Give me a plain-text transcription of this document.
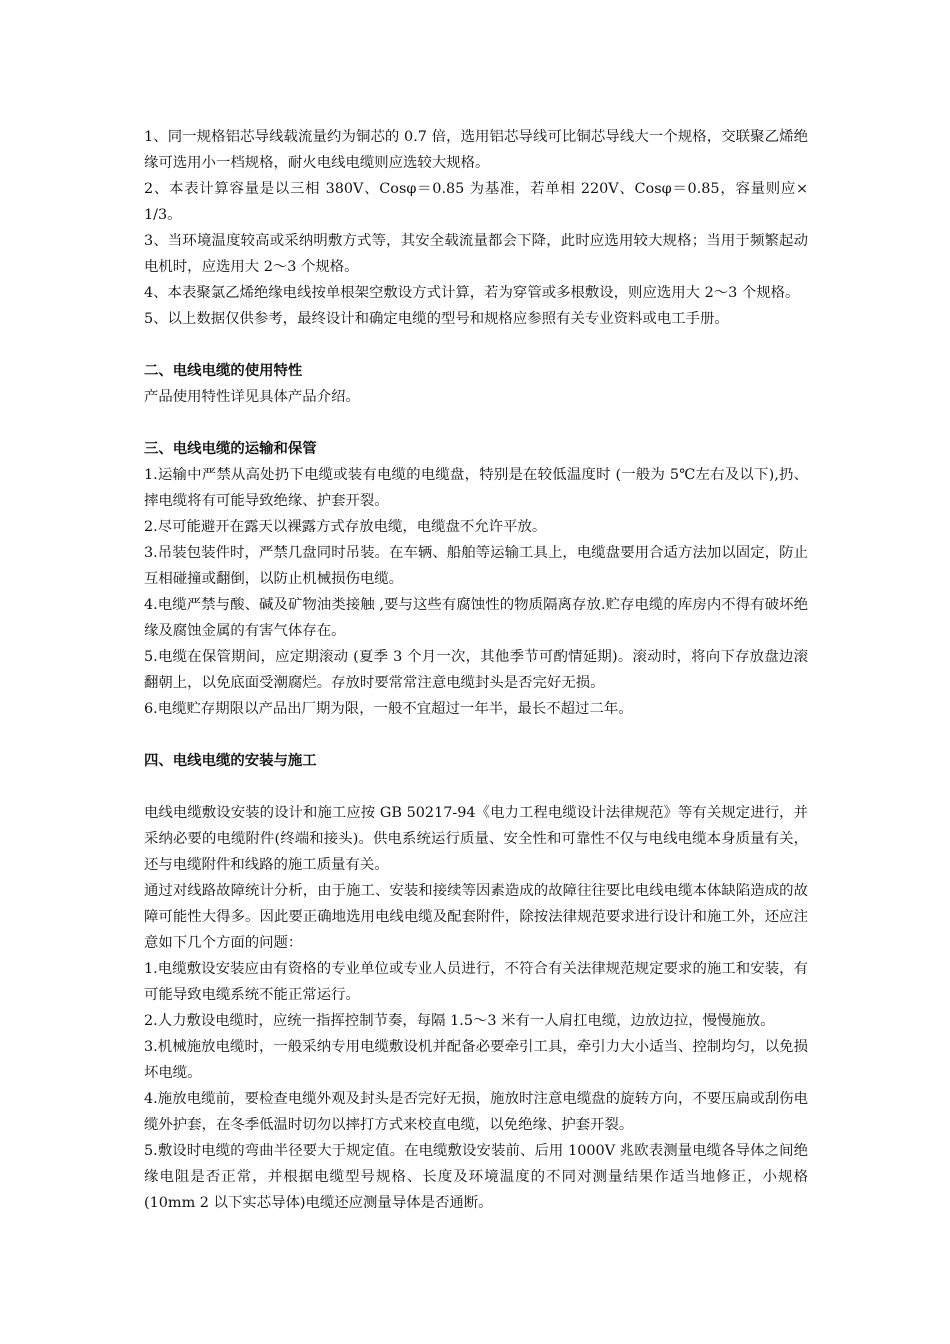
1、同一规格铝芯导线载流量约为铜芯的 0.7 倍，选用铝芯导线可比铜芯导线大一个规格，交联聚乙烯绝缘可选用小一档规格，耐火电线电缆则应选较大规格。

2、本表计算容量是以三相 380V、Cosφ＝0.85 为基准，若单相 220V、Cosφ＝0.85，容量则应× 1/3。

3、当环境温度较高或采纳明敷方式等，其安全载流量都会下降，此时应选用较大规格；当用于频繁起动电机时，应选用大 2～3 个规格。

4、本表聚氯乙烯绝缘电线按单根架空敷设方式计算，若为穿管或多根敷设，则应选用大 2～3 个规格。

5、以上数据仅供参考，最终设计和确定电缆的型号和规格应参照有关专业资料或电工手册。

二、电线电缆的使用特性

产品使用特性详见具体产品介绍。

三、电线电缆的运输和保管

1.运输中严禁从高处扔下电缆或装有电缆的电缆盘，特别是在较低温度时 (一般为 5℃左右及以下),扔、摔电缆将有可能导致绝缘、护套开裂。

2.尽可能避开在露天以裸露方式存放电缆，电缆盘不允许平放。

3.吊装包装件时，严禁几盘同时吊装。在车辆、船舶等运输工具上，电缆盘要用合适方法加以固定，防止互相碰撞或翻倒，以防止机械损伤电缆。

4.电缆严禁与酸、碱及矿物油类接触 ,要与这些有腐蚀性的物质隔离存放.贮存电缆的库房内不得有破坏绝缘及腐蚀金属的有害气体存在。

5.电缆在保管期间，应定期滚动 (夏季 3 个月一次，其他季节可酌情延期)。滚动时，将向下存放盘边滚翻朝上，以免底面受潮腐烂。存放时要常常注意电缆封头是否完好无损。

6.电缆贮存期限以产品出厂期为限，一般不宜超过一年半，最长不超过二年。

四、电线电缆的安装与施工

电线电缆敷设安装的设计和施工应按 GB 50217-94《电力工程电缆设计法律规范》等有关规定进行，并采纳必要的电缆附件(终端和接头)。供电系统运行质量、安全性和可靠性不仅与电线电缆本身质量有关，还与电缆附件和线路的施工质量有关。

通过对线路故障统计分析，由于施工、安装和接续等因素造成的故障往往要比电线电缆本体缺陷造成的故障可能性大得多。因此要正确地选用电线电缆及配套附件，除按法律规范要求进行设计和施工外，还应注意如下几个方面的问题：

1.电缆敷设安装应由有资格的专业单位或专业人员进行，不符合有关法律规范规定要求的施工和安装，有可能导致电缆系统不能正常运行。

2.人力敷设电缆时，应统一指挥控制节奏，每隔 1.5～3 米有一人肩扛电缆，边放边拉，慢慢施放。

3.机械施放电缆时，一般采纳专用电缆敷设机并配备必要牵引工具，牵引力大小适当、控制均匀，以免损坏电缆。

4.施放电缆前，要检查电缆外观及封头是否完好无损，施放时注意电缆盘的旋转方向，不要压扁或刮伤电缆外护套，在冬季低温时切勿以摔打方式来校直电缆，以免绝缘、护套开裂。

5.敷设时电缆的弯曲半径要大于规定值。在电缆敷设安装前、后用 1000V 兆欧表测量电缆各导体之间绝缘电阻是否正常，并根据电缆型号规格、长度及环境温度的不同对测量结果作适当地修正，小规格(10mm 2 以下实芯导体)电缆还应测量导体是否通断。
